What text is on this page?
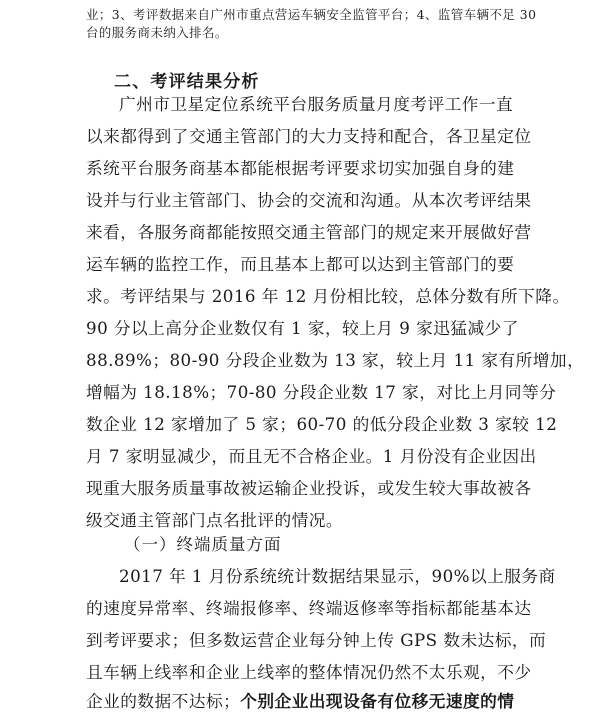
业；3、考评数据来自广州市重点营运车辆安全监管平台；4、监管车辆不足 30
台的服务商未纳入排名。
二、考评结果分析
广州市卫星定位系统平台服务质量月度考评工作一直
以来都得到了交通主管部门的大力支持和配合，各卫星定位
系统平台服务商基本都能根据考评要求切实加强自身的建
设并与行业主管部门、协会的交流和沟通。从本次考评结果
来看，各服务商都能按照交通主管部门的规定来开展做好营
运车辆的监控工作，而且基本上都可以达到主管部门的要
求。考评结果与 2016 年 12 月份相比较，总体分数有所下降。
90 分以上高分企业数仅有 1 家，较上月 9 家迅猛减少了
88.89%；80-90 分段企业数为 13 家，较上月 11 家有所增加，
增幅为 18.18%；70-80 分段企业数 17 家，对比上月同等分
数企业 12 家增加了 5 家；60-70 的低分段企业数 3 家较 12
月 7 家明显减少，而且无不合格企业。1 月份没有企业因出
现重大服务质量事故被运输企业投诉，或发生较大事故被各
级交通主管部门点名批评的情况。
（一）终端质量方面
2017 年 1 月份系统统计数据结果显示，90%以上服务商
的速度异常率、终端报修率、终端返修率等指标都能基本达
到考评要求；但多数运营企业每分钟上传 GPS 数未达标，而
且车辆上线率和企业上线率的整体情况仍然不太乐观，不少
企业的数据不达标；个别企业出现设备有位移无速度的情
